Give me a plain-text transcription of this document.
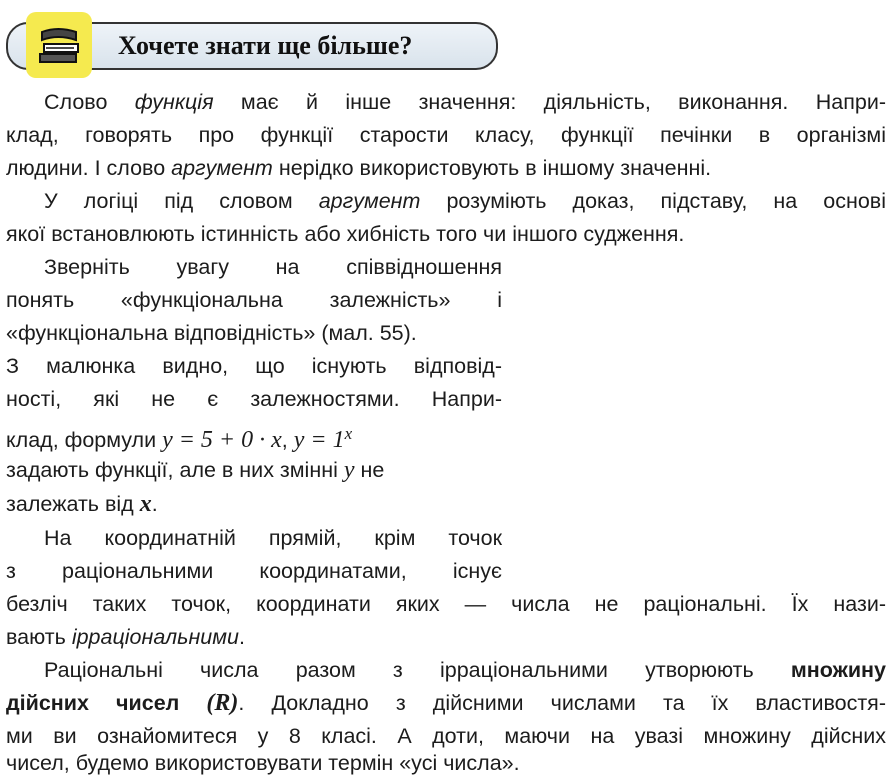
Хочете знати ще більше?
Слово функція має й інше значення: діяльність, виконання. Напри-
клад, говорять про функції старости класу, функції печінки в організмі
людини. І слово аргумент нерідко використовують в іншому значенні.
У логіці під словом аргумент розуміють доказ, підставу, на основі
якої встановлюють істинність або хибність того чи іншого судження.
Зверніть увагу на співвідношення
понять «функціональна залежність» і
«функціональна відповідність» (мал. 55).
З малюнка видно, що існують відповід-
ності, які не є залежностями. Напри-
клад, формули y = 5 + 0 · x, $y = 1^x$
задають функції, але в них змінні y не
залежать від x.
На координатній прямій, крім точок
з раціональними координатами, існує
безліч таких точок, координати яких — числа не раціональні. Їх нази-
вають ірраціональними.
Раціональні числа разом з ірраціональними утворюють множину
дійсних чисел (R). Докладно з дійсними числами та їх властивостя-
ми ви ознайомитеся у 8 класі. А доти, маючи на увазі множину дійсних
чисел, будемо використовувати термін «усі числа».
